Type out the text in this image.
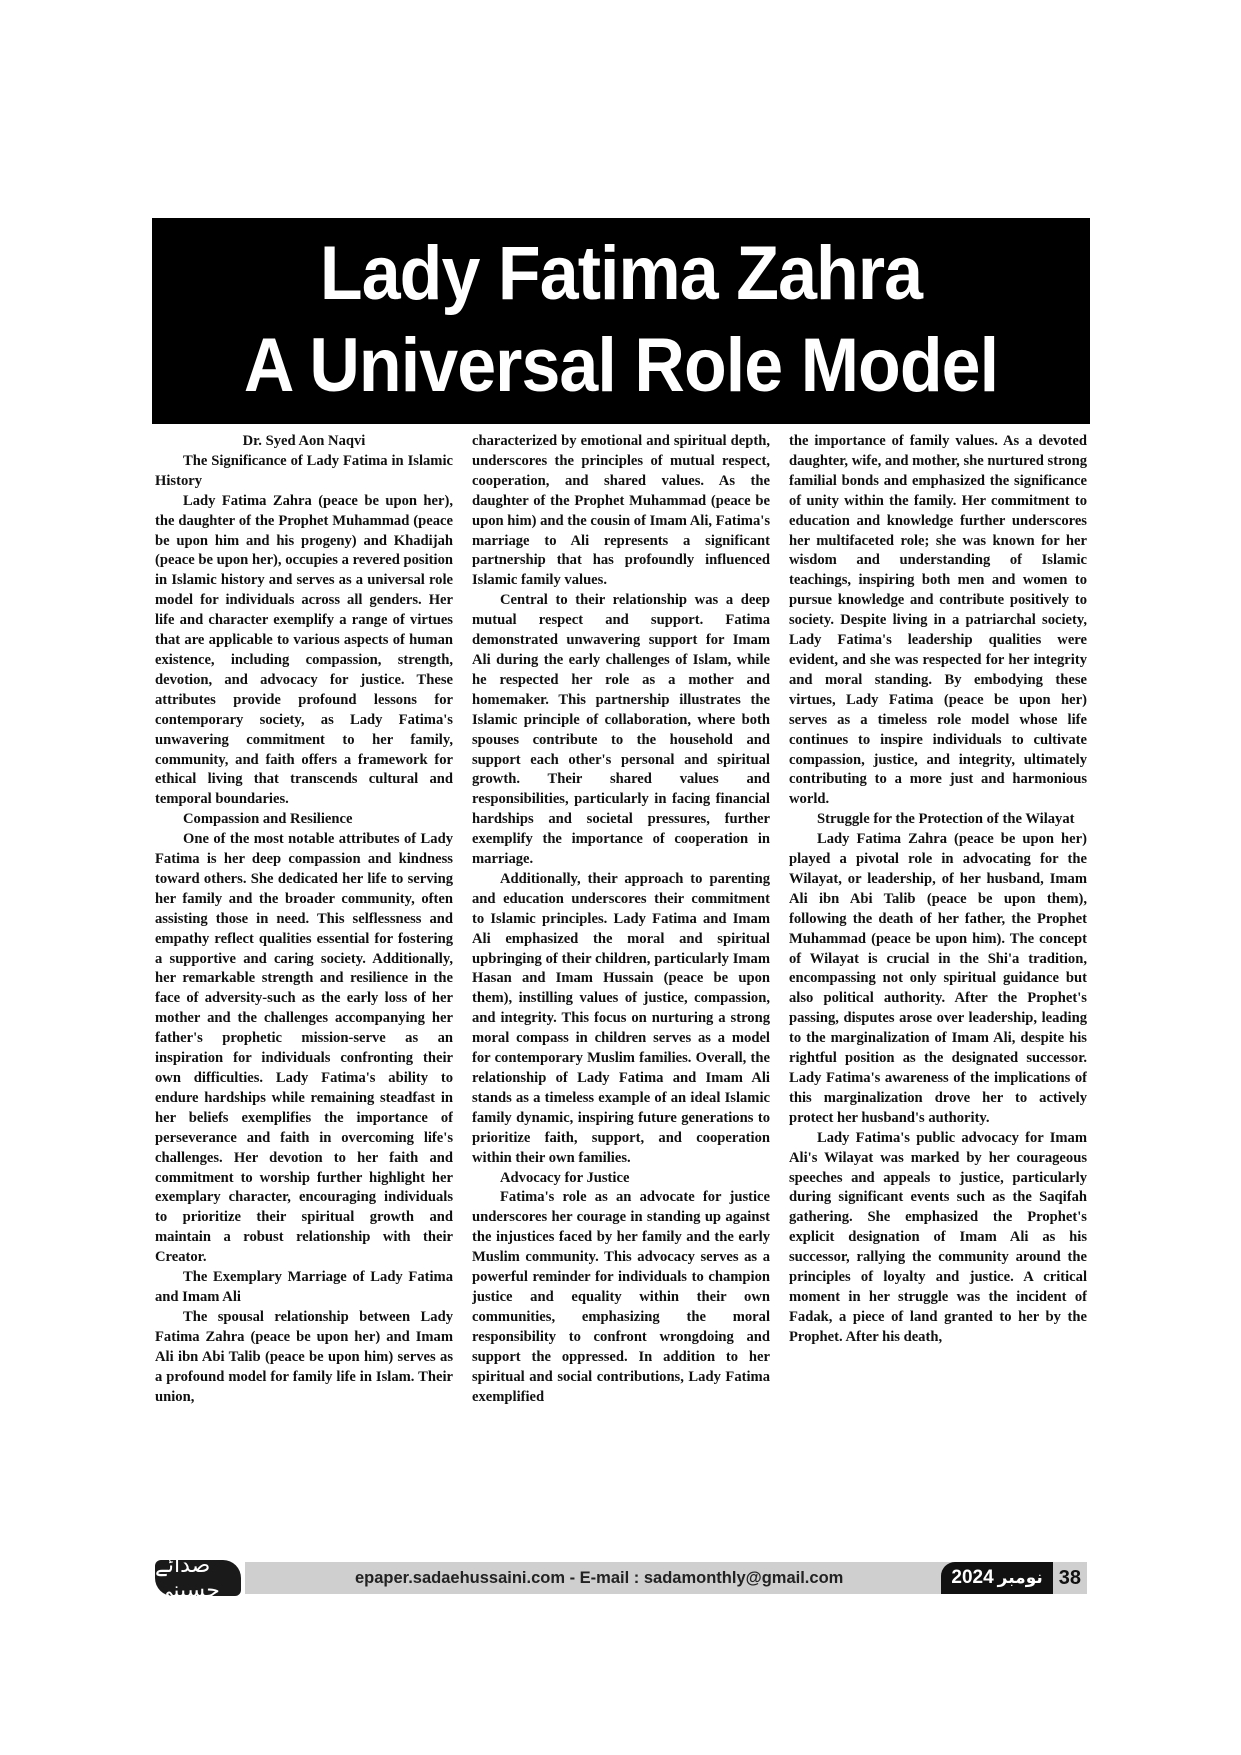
Lady Fatima Zahra
A Universal Role Model

Dr. Syed Aon Naqvi

The Significance of Lady Fatima in Islamic History

Lady Fatima Zahra (peace be upon her), the daughter of the Prophet Muhammad (peace be upon him and his progeny) and Khadijah (peace be upon her), occupies a revered position in Islamic history and serves as a universal role model for individuals across all genders. Her life and character exemplify a range of virtues that are applicable to various aspects of human existence, including compassion, strength, devotion, and advocacy for justice. These attributes provide profound lessons for contemporary society, as Lady Fatima's unwavering commitment to her family, community, and faith offers a framework for ethical living that transcends cultural and temporal boundaries.

Compassion and Resilience

One of the most notable attributes of Lady Fatima is her deep compassion and kindness toward others. She dedicated her life to serving her family and the broader community, often assisting those in need. This selflessness and empathy reflect qualities essential for fostering a supportive and caring society. Additionally, her remarkable strength and resilience in the face of adversity-such as the early loss of her mother and the challenges accompanying her father's prophetic mission-serve as an inspiration for individuals confronting their own difficulties. Lady Fatima's ability to endure hardships while remaining steadfast in her beliefs exemplifies the importance of perseverance and faith in overcoming life's challenges. Her devotion to her faith and commitment to worship further highlight her exemplary character, encouraging individuals to prioritize their spiritual growth and maintain a robust relationship with their Creator.

The Exemplary Marriage of Lady Fatima and Imam Ali

The spousal relationship between Lady Fatima Zahra (peace be upon her) and Imam Ali ibn Abi Talib (peace be upon him) serves as a profound model for family life in Islam. Their union,

characterized by emotional and spiritual depth, underscores the principles of mutual respect, cooperation, and shared values. As the daughter of the Prophet Muhammad (peace be upon him) and the cousin of Imam Ali, Fatima's marriage to Ali represents a significant partnership that has profoundly influenced Islamic family values.

Central to their relationship was a deep mutual respect and support. Fatima demonstrated unwavering support for Imam Ali during the early challenges of Islam, while he respected her role as a mother and homemaker. This partnership illustrates the Islamic principle of collaboration, where both spouses contribute to the household and support each other's personal and spiritual growth. Their shared values and responsibilities, particularly in facing financial hardships and societal pressures, further exemplify the importance of cooperation in marriage.

Additionally, their approach to parenting and education underscores their commitment to Islamic principles. Lady Fatima and Imam Ali emphasized the moral and spiritual upbringing of their children, particularly Imam Hasan and Imam Hussain (peace be upon them), instilling values of justice, compassion, and integrity. This focus on nurturing a strong moral compass in children serves as a model for contemporary Muslim families. Overall, the relationship of Lady Fatima and Imam Ali stands as a timeless example of an ideal Islamic family dynamic, inspiring future generations to prioritize faith, support, and cooperation within their own families.

Advocacy for Justice

Fatima's role as an advocate for justice underscores her courage in standing up against the injustices faced by her family and the early Muslim community. This advocacy serves as a powerful reminder for individuals to champion justice and equality within their own communities, emphasizing the moral responsibility to confront wrongdoing and support the oppressed. In addition to her spiritual and social contributions, Lady Fatima exemplified

the importance of family values. As a devoted daughter, wife, and mother, she nurtured strong familial bonds and emphasized the significance of unity within the family. Her commitment to education and knowledge further underscores her multifaceted role; she was known for her wisdom and understanding of Islamic teachings, inspiring both men and women to pursue knowledge and contribute positively to society. Despite living in a patriarchal society, Lady Fatima's leadership qualities were evident, and she was respected for her integrity and moral standing. By embodying these virtues, Lady Fatima (peace be upon her) serves as a timeless role model whose life continues to inspire individuals to cultivate compassion, justice, and integrity, ultimately contributing to a more just and harmonious world.

Struggle for the Protection of the Wilayat

Lady Fatima Zahra (peace be upon her) played a pivotal role in advocating for the Wilayat, or leadership, of her husband, Imam Ali ibn Abi Talib (peace be upon them), following the death of her father, the Prophet Muhammad (peace be upon him). The concept of Wilayat is crucial in the Shi'a tradition, encompassing not only spiritual guidance but also political authority. After the Prophet's passing, disputes arose over leadership, leading to the marginalization of Imam Ali, despite his rightful position as the designated successor. Lady Fatima's awareness of the implications of this marginalization drove her to actively protect her husband's authority.

Lady Fatima's public advocacy for Imam Ali's Wilayat was marked by her courageous speeches and appeals to justice, particularly during significant events such as the Saqifah gathering. She emphasized the Prophet's explicit designation of Imam Ali as his successor, rallying the community around the principles of loyalty and justice. A critical moment in her struggle was the incident of Fadak, a piece of land granted to her by the Prophet. After his death,

صدائے حسینی
epaper.sadaehussaini.com - E-mail : sadamonthly@gmail.com	2024 نومبر 38
